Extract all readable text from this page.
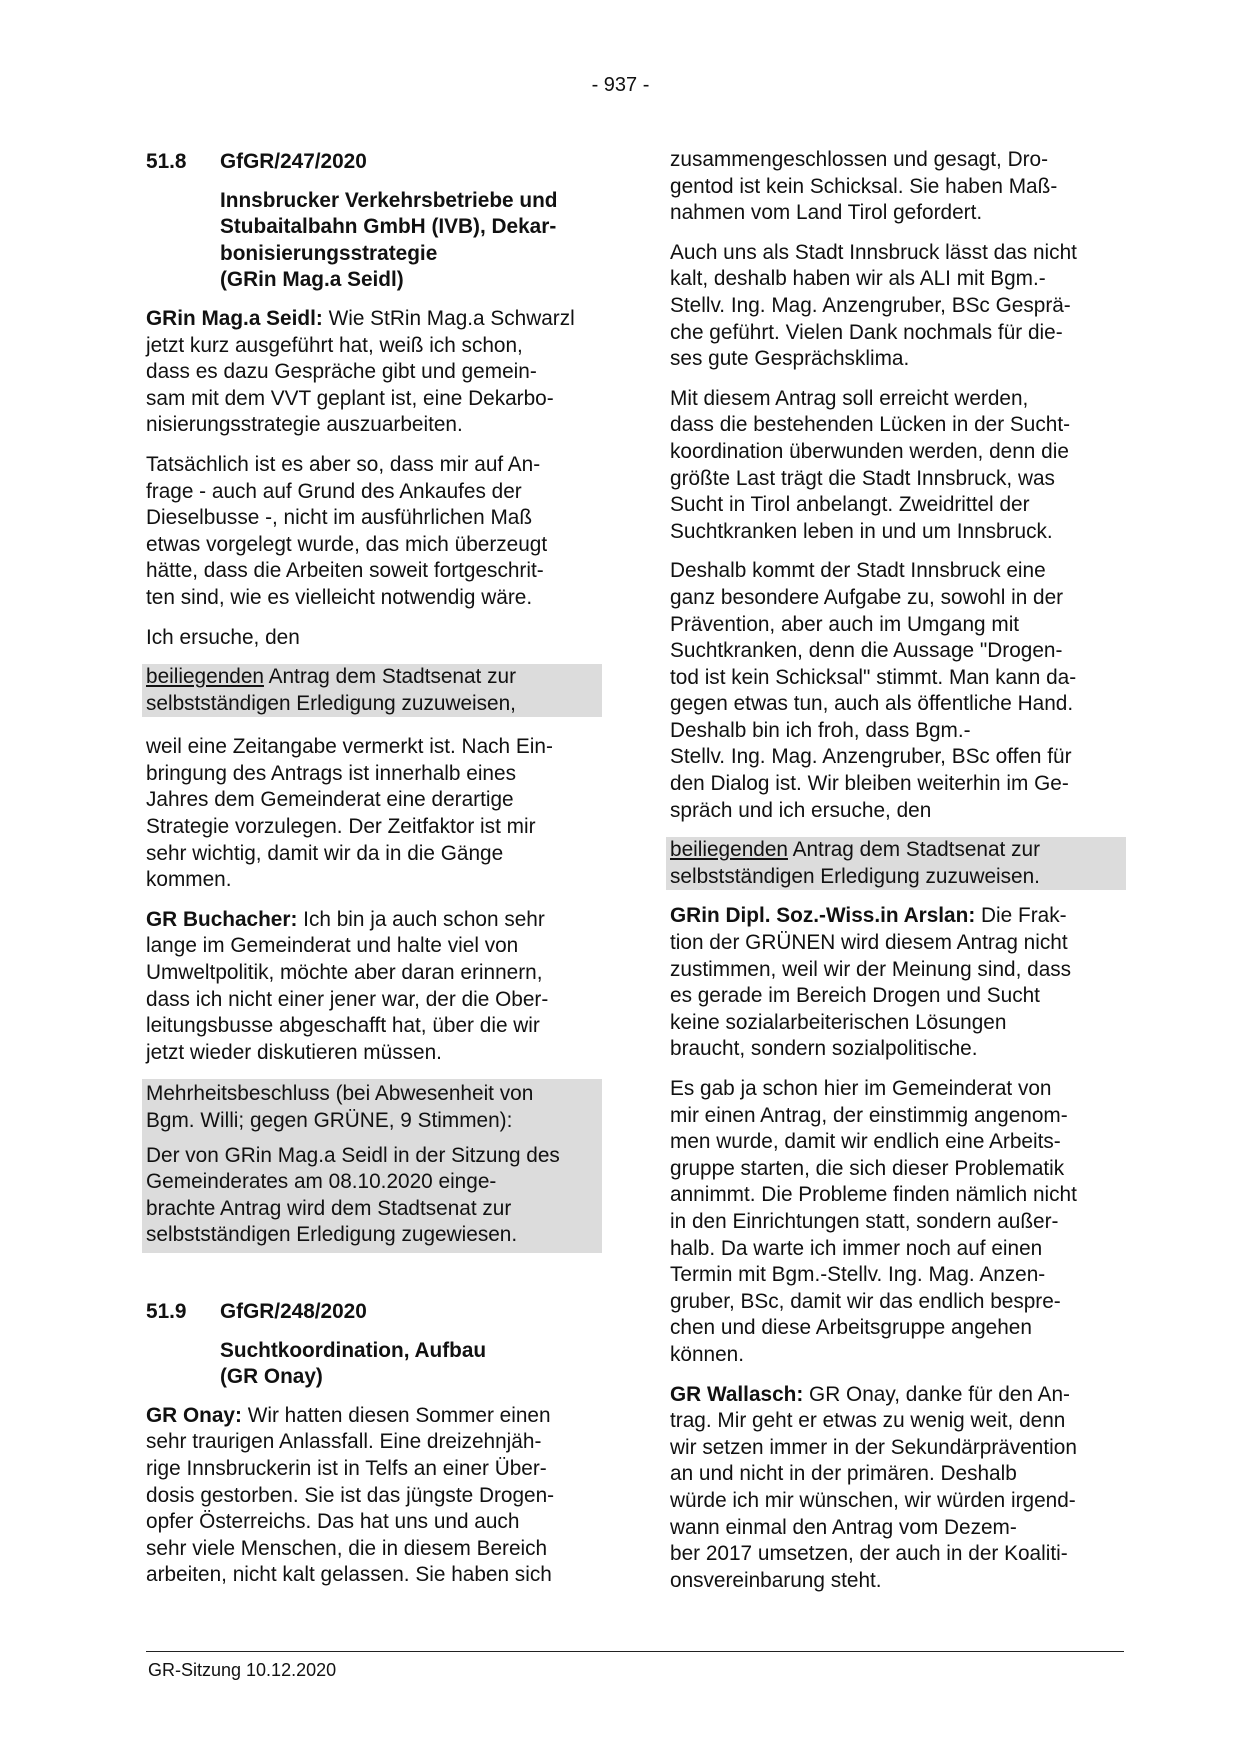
- 937 -
51.8	GfGR/247/2020
Innsbrucker Verkehrsbetriebe und
Stubaitalbahn GmbH (IVB), Dekar-
bonisierungsstrategie
(GRin Mag.a Seidl)

GRin Mag.a Seidl: Wie StRin Mag.a Schwarzl
jetzt kurz ausgeführt hat, weiß ich schon,
dass es dazu Gespräche gibt und gemein-
sam mit dem VVT geplant ist, eine Dekarbo-
nisierungsstrategie auszuarbeiten.

Tatsächlich ist es aber so, dass mir auf An-
frage - auch auf Grund des Ankaufes der
Dieselbusse -, nicht im ausführlichen Maß
etwas vorgelegt wurde, das mich überzeugt
hätte, dass die Arbeiten soweit fortgeschrit-
ten sind, wie es vielleicht notwendig wäre.

Ich ersuche, den

beiliegenden Antrag dem Stadtsenat zur
selbstständigen Erledigung zuzuweisen,

weil eine Zeitangabe vermerkt ist. Nach Ein-
bringung des Antrags ist innerhalb eines
Jahres dem Gemeinderat eine derartige
Strategie vorzulegen. Der Zeitfaktor ist mir
sehr wichtig, damit wir da in die Gänge
kommen.

GR Buchacher: Ich bin ja auch schon sehr
lange im Gemeinderat und halte viel von
Umweltpolitik, möchte aber daran erinnern,
dass ich nicht einer jener war, der die Ober-
leitungsbusse abgeschafft hat, über die wir
jetzt wieder diskutieren müssen.

Mehrheitsbeschluss (bei Abwesenheit von
Bgm. Willi; gegen GRÜNE, 9 Stimmen):

Der von GRin Mag.a Seidl in der Sitzung des
Gemeinderates am 08.10.2020 einge-
brachte Antrag wird dem Stadtsenat zur
selbstständigen Erledigung zugewiesen.

51.9	GfGR/248/2020
Suchtkoordination, Aufbau
(GR Onay)

GR Onay: Wir hatten diesen Sommer einen
sehr traurigen Anlassfall. Eine dreizehnjäh-
rige Innsbruckerin ist in Telfs an einer Über-
dosis gestorben. Sie ist das jüngste Drogen-
opfer Österreichs. Das hat uns und auch
sehr viele Menschen, die in diesem Bereich
arbeiten, nicht kalt gelassen. Sie haben sich

zusammengeschlossen und gesagt, Dro-
gentod ist kein Schicksal. Sie haben Maß-
nahmen vom Land Tirol gefordert.

Auch uns als Stadt Innsbruck lässt das nicht
kalt, deshalb haben wir als ALI mit Bgm.-
Stellv. Ing. Mag. Anzengruber, BSc Gesprä-
che geführt. Vielen Dank nochmals für die-
ses gute Gesprächsklima.

Mit diesem Antrag soll erreicht werden,
dass die bestehenden Lücken in der Sucht-
koordination überwunden werden, denn die
größte Last trägt die Stadt Innsbruck, was
Sucht in Tirol anbelangt. Zweidrittel der
Suchtkranken leben in und um Innsbruck.

Deshalb kommt der Stadt Innsbruck eine
ganz besondere Aufgabe zu, sowohl in der
Prävention, aber auch im Umgang mit
Suchtkranken, denn die Aussage "Drogen-
tod ist kein Schicksal" stimmt. Man kann da-
gegen etwas tun, auch als öffentliche Hand.
Deshalb bin ich froh, dass Bgm.-
Stellv. Ing. Mag. Anzengruber, BSc offen für
den Dialog ist. Wir bleiben weiterhin im Ge-
spräch und ich ersuche, den

beiliegenden Antrag dem Stadtsenat zur
selbstständigen Erledigung zuzuweisen.

GRin Dipl. Soz.-Wiss.in Arslan: Die Frak-
tion der GRÜNEN wird diesem Antrag nicht
zustimmen, weil wir der Meinung sind, dass
es gerade im Bereich Drogen und Sucht
keine sozialarbeiterischen Lösungen
braucht, sondern sozialpolitische.

Es gab ja schon hier im Gemeinderat von
mir einen Antrag, der einstimmig angenom-
men wurde, damit wir endlich eine Arbeits-
gruppe starten, die sich dieser Problematik
annimmt. Die Probleme finden nämlich nicht
in den Einrichtungen statt, sondern außer-
halb. Da warte ich immer noch auf einen
Termin mit Bgm.-Stellv. Ing. Mag. Anzen-
gruber, BSc, damit wir das endlich bespre-
chen und diese Arbeitsgruppe angehen
können.

GR Wallasch: GR Onay, danke für den An-
trag. Mir geht er etwas zu wenig weit, denn
wir setzen immer in der Sekundärprävention
an und nicht in der primären. Deshalb
würde ich mir wünschen, wir würden irgend-
wann einmal den Antrag vom Dezem-
ber 2017 umsetzen, der auch in der Koaliti-
onsvereinbarung steht.

GR-Sitzung 10.12.2020
